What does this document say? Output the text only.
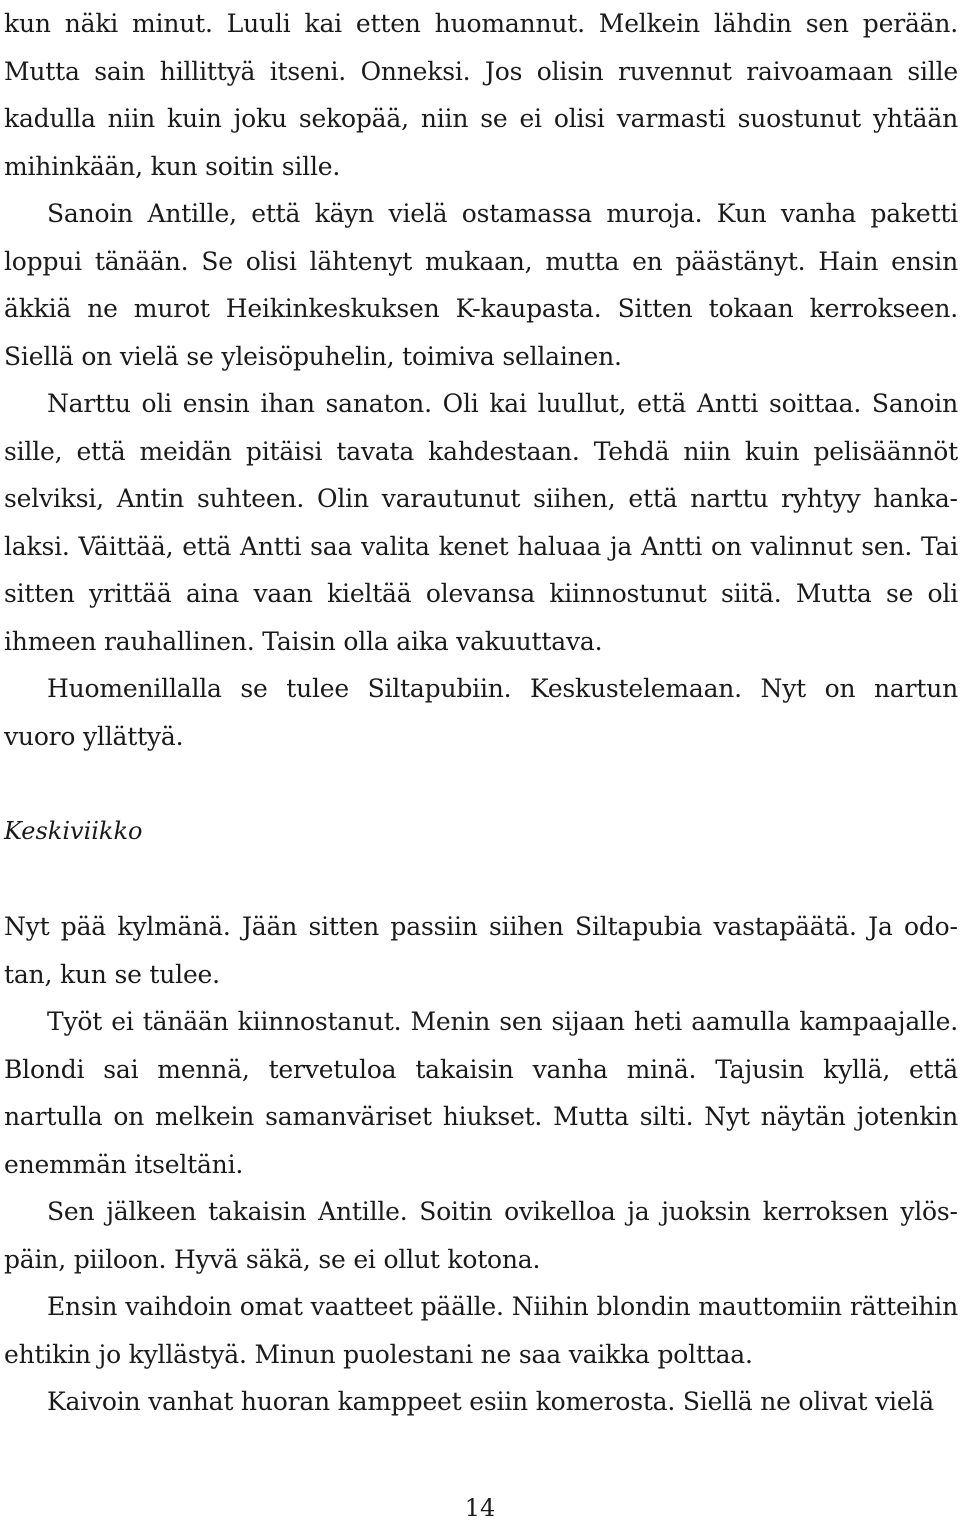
kun näki minut. Luuli kai etten huomannut. Melkein lähdin sen perään. Mutta sain hillittyä itseni. Onneksi. Jos olisin ruvennut raivoamaan sille kadulla niin kuin joku sekopää, niin se ei olisi varmasti suostunut yhtään mihinkään, kun soitin sille.

Sanoin Antille, että käyn vielä ostamassa muroja. Kun vanha paketti loppui tänään. Se olisi lähtenyt mukaan, mutta en päästänyt. Hain ensin äkkiä ne murot Heikinkeskuksen K-kaupasta. Sitten tokaan kerrokseen. Siellä on vielä se yleisöpuhelin, toimiva sellainen.

Narttu oli ensin ihan sanaton. Oli kai luullut, että Antti soittaa. Sanoin sille, että meidän pitäisi tavata kahdestaan. Tehdä niin kuin pelisäännöt selviksi, Antin suhteen. Olin varautunut siihen, että narttu ryhtyy hankalaksi. Väittää, että Antti saa valita kenet haluaa ja Antti on valinnut sen. Tai sitten yrittää aina vaan kieltää olevansa kiinnostunut siitä. Mutta se oli ihmeen rauhallinen. Taisin olla aika vakuuttava.

Huomenillalla se tulee Siltapubiin. Keskustelemaan. Nyt on nartun vuoro yllättyä.

Keskiviikko

Nyt pää kylmänä. Jään sitten passiin siihen Siltapubia vastapäätä. Ja odotan, kun se tulee.

Työt ei tänään kiinnostanut. Menin sen sijaan heti aamulla kampaajalle. Blondi sai mennä, tervetuloa takaisin vanha minä. Tajusin kyllä, että nartulla on melkein samanväriset hiukset. Mutta silti. Nyt näytän jotenkin enemmän itseltäni.

Sen jälkeen takaisin Antille. Soitin ovikelloa ja juoksin kerroksen ylöspäin, piiloon. Hyvä säkä, se ei ollut kotona.

Ensin vaihdoin omat vaatteet päälle. Niihin blondin mauttomiin rätteihin ehtikin jo kyllästyä. Minun puolestani ne saa vaikka polttaa.

Kaivoin vanhat huoran kamppeet esiin komerosta. Siellä ne olivat vielä

14
